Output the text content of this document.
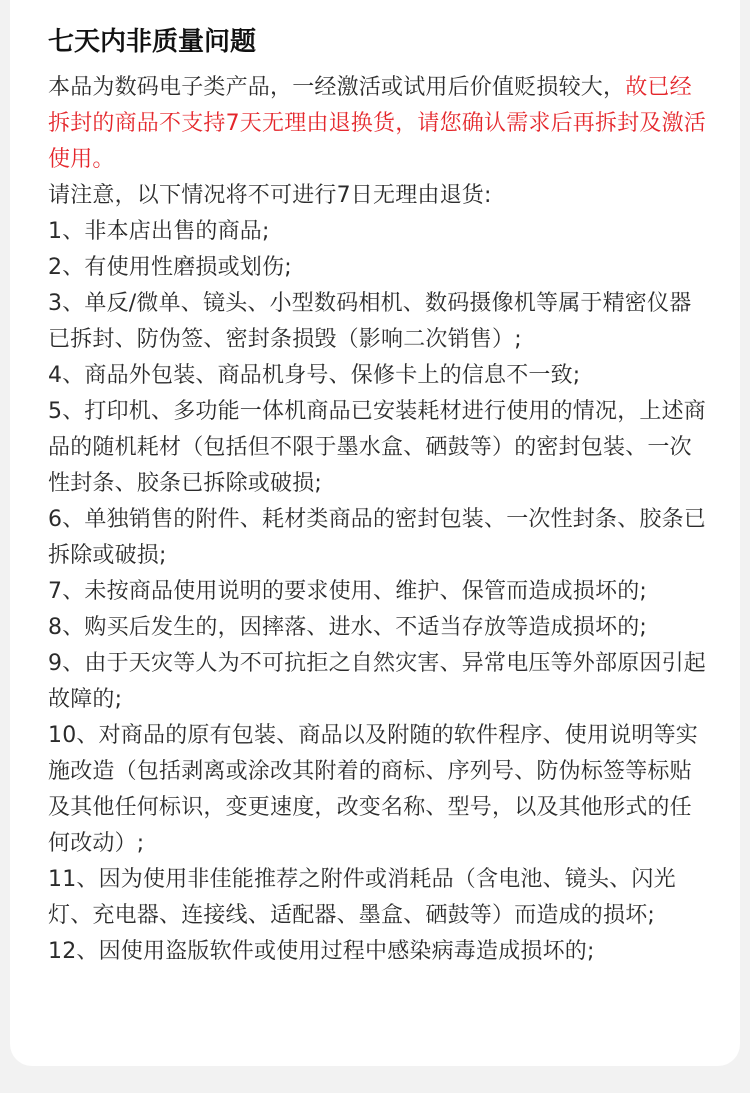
七天内非质量问题

本品为数码电子类产品，一经激活或试用后价值贬损较大，故已经拆封的商品不支持7天无理由退换货，请您确认需求后再拆封及激活使用。

请注意，以下情况将不可进行7日无理由退货:

1、非本店出售的商品;

2、有使用性磨损或划伤;

3、单反/微单、镜头、小型数码相机、数码摄像机等属于精密仪器已拆封、防伪签、密封条损毁（影响二次销售）;

4、商品外包装、商品机身号、保修卡上的信息不一致;

5、打印机、多功能一体机商品已安装耗材进行使用的情况，上述商品的随机耗材（包括但不限于墨水盒、硒鼓等）的密封包装、一次性封条、胶条已拆除或破损;

6、单独销售的附件、耗材类商品的密封包装、一次性封条、胶条已拆除或破损;

7、未按商品使用说明的要求使用、维护、保管而造成损坏的;

8、购买后发生的，因摔落、进水、不适当存放等造成损坏的;

9、由于天灾等人为不可抗拒之自然灾害、异常电压等外部原因引起故障的;

10、对商品的原有包装、商品以及附随的软件程序、使用说明等实施改造（包括剥离或涂改其附着的商标、序列号、防伪标签等标贴及其他任何标识，变更速度，改变名称、型号，以及其他形式的任何改动）;

11、因为使用非佳能推荐之附件或消耗品（含电池、镜头、闪光灯、充电器、连接线、适配器、墨盒、硒鼓等）而造成的损坏;

12、因使用盗版软件或使用过程中感染病毒造成损坏的;
